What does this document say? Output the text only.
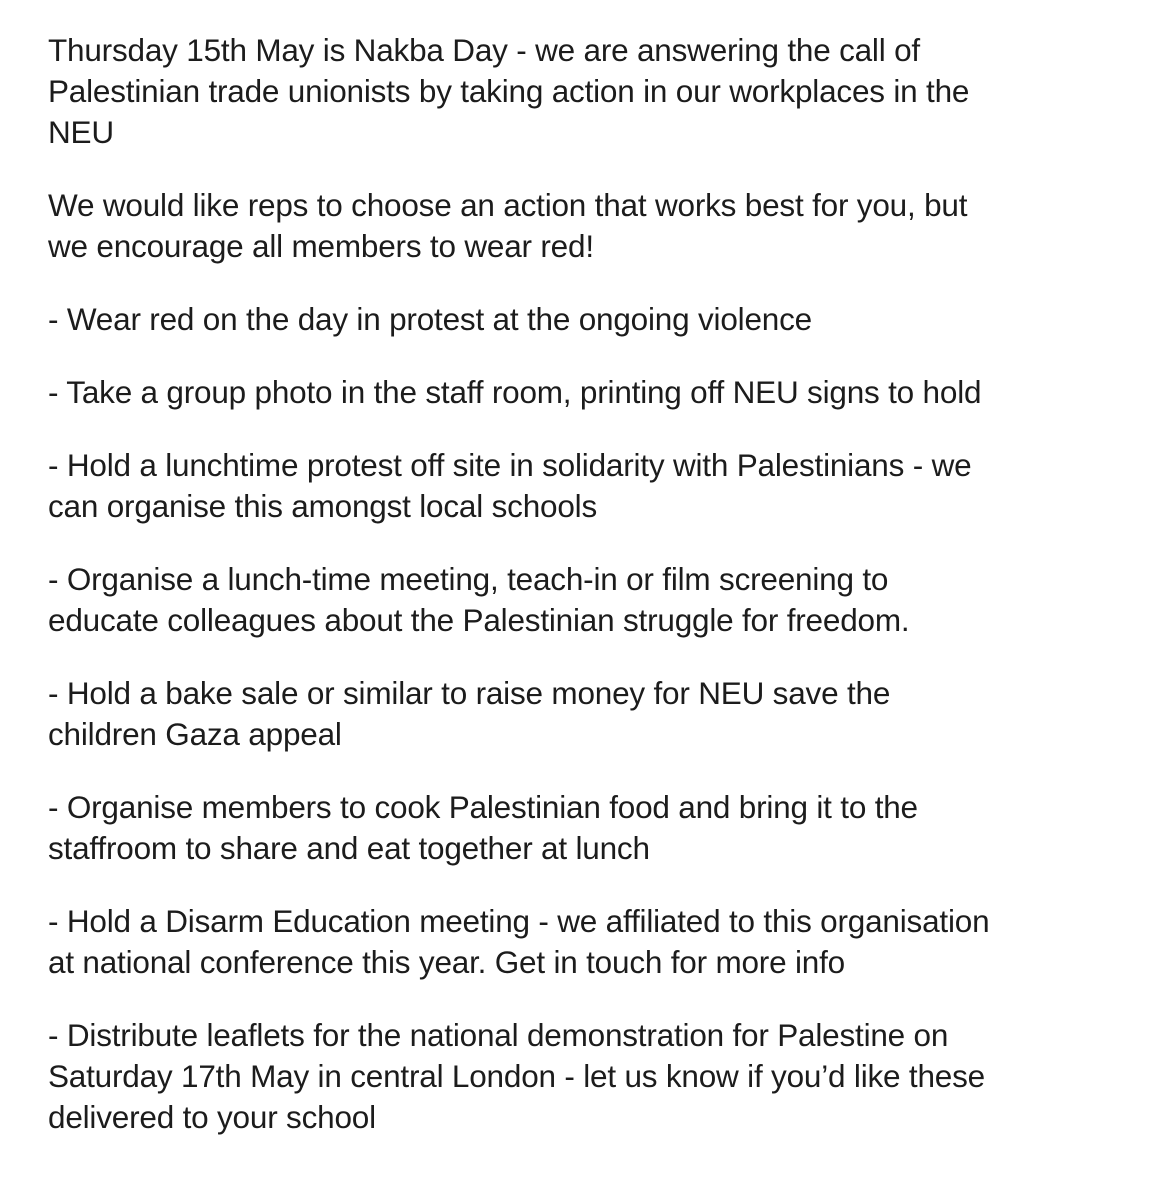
Thursday 15th May is Nakba Day - we are answering the call of
Palestinian trade unionists by taking action in our workplaces in the
NEU

We would like reps to choose an action that works best for you, but
we encourage all members to wear red!

- Wear red on the day in protest at the ongoing violence

- Take a group photo in the staff room, printing off NEU signs to hold

- Hold a lunchtime protest off site in solidarity with Palestinians - we
can organise this amongst local schools

- Organise a lunch-time meeting, teach-in or film screening to
educate colleagues about the Palestinian struggle for freedom.

- Hold a bake sale or similar to raise money for NEU save the
children Gaza appeal

- Organise members to cook Palestinian food and bring it to the
staffroom to share and eat together at lunch

- Hold a Disarm Education meeting - we affiliated to this organisation
at national conference this year. Get in touch for more info

- Distribute leaflets for the national demonstration for Palestine on
Saturday 17th May in central London - let us know if you’d like these
delivered to your school
